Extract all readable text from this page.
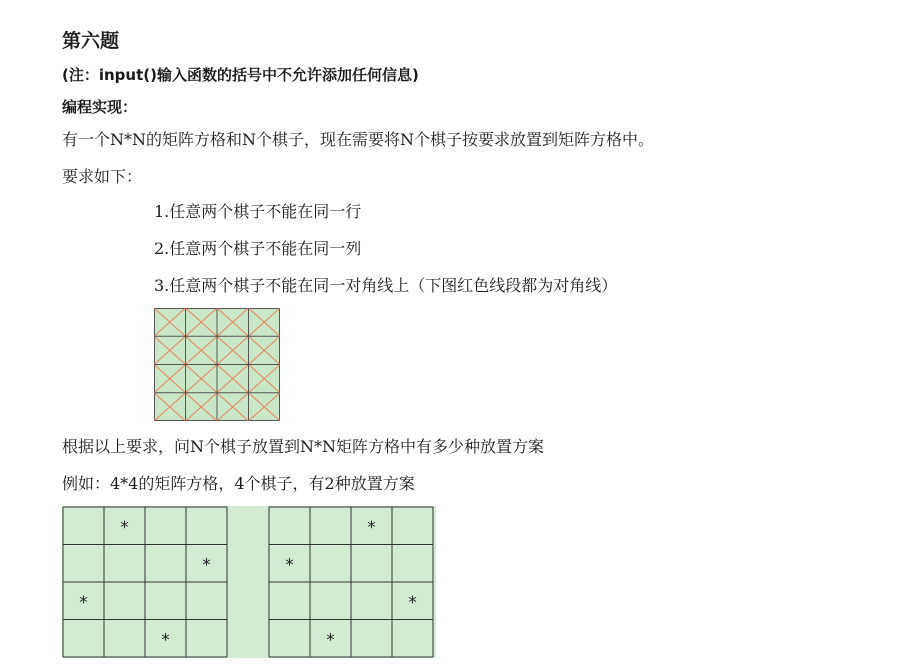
第六题
(注：input()输入函数的括号中不允许添加任何信息)
编程实现：
有一个N*N的矩阵方格和N个棋子，现在需要将N个棋子按要求放置到矩阵方格中。
要求如下：
1.任意两个棋子不能在同一行
2.任意两个棋子不能在同一列
3.任意两个棋子不能在同一对角线上（下图红色线段都为对角线）
根据以上要求，问N个棋子放置到N*N矩阵方格中有多少种放置方案
例如：4*4的矩阵方格，4个棋子，有2种放置方案
*
*
*
*
*
*
*
*
